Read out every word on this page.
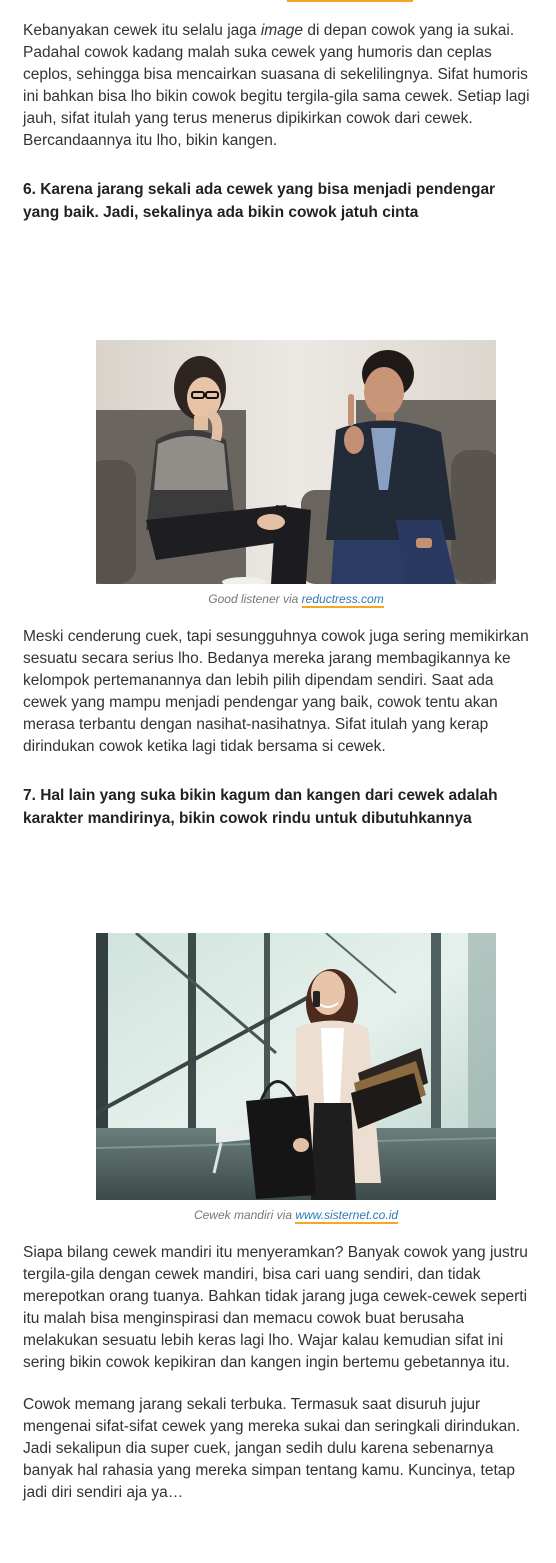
Kebanyakan cewek itu selalu jaga image di depan cowok yang ia sukai. Padahal cowok kadang malah suka cewek yang humoris dan ceplas ceplos, sehingga bisa mencairkan suasana di sekelilingnya. Sifat humoris ini bahkan bisa lho bikin cowok begitu tergila-gila sama cewek. Setiap lagi jauh, sifat itulah yang terus menerus dipikirkan cowok dari cewek. Bercandaannya itu lho, bikin kangen.

6. Karena jarang sekali ada cewek yang bisa menjadi pendengar yang baik. Jadi, sekalinya ada bikin cowok jatuh cinta
Good listener via reductress.com

Meski cenderung cuek, tapi sesungguhnya cowok juga sering memikirkan sesuatu secara serius lho. Bedanya mereka jarang membagikannya ke kelompok pertemanannya dan lebih pilih dipendam sendiri. Saat ada cewek yang mampu menjadi pendengar yang baik, cowok tentu akan merasa terbantu dengan nasihat-nasihatnya. Sifat itulah yang kerap dirindukan cowok ketika lagi tidak bersama si cewek.

7. Hal lain yang suka bikin kagum dan kangen dari cewek adalah karakter mandirinya, bikin cowok rindu untuk dibutuhkannya
Cewek mandiri via www.sisternet.co.id

Siapa bilang cewek mandiri itu menyeramkan? Banyak cowok yang justru tergila-gila dengan cewek mandiri, bisa cari uang sendiri, dan tidak merepotkan orang tuanya. Bahkan tidak jarang juga cewek-cewek seperti itu malah bisa menginspirasi dan memacu cowok buat berusaha melakukan sesuatu lebih keras lagi lho. Wajar kalau kemudian sifat ini sering bikin cowok kepikiran dan kangen ingin bertemu gebetannya itu.

Cowok memang jarang sekali terbuka. Termasuk saat disuruh jujur mengenai sifat-sifat cewek yang mereka sukai dan seringkali dirindukan. Jadi sekalipun dia super cuek, jangan sedih dulu karena sebenarnya banyak hal rahasia yang mereka simpan tentang kamu. Kuncinya, tetap jadi diri sendiri aja ya…
